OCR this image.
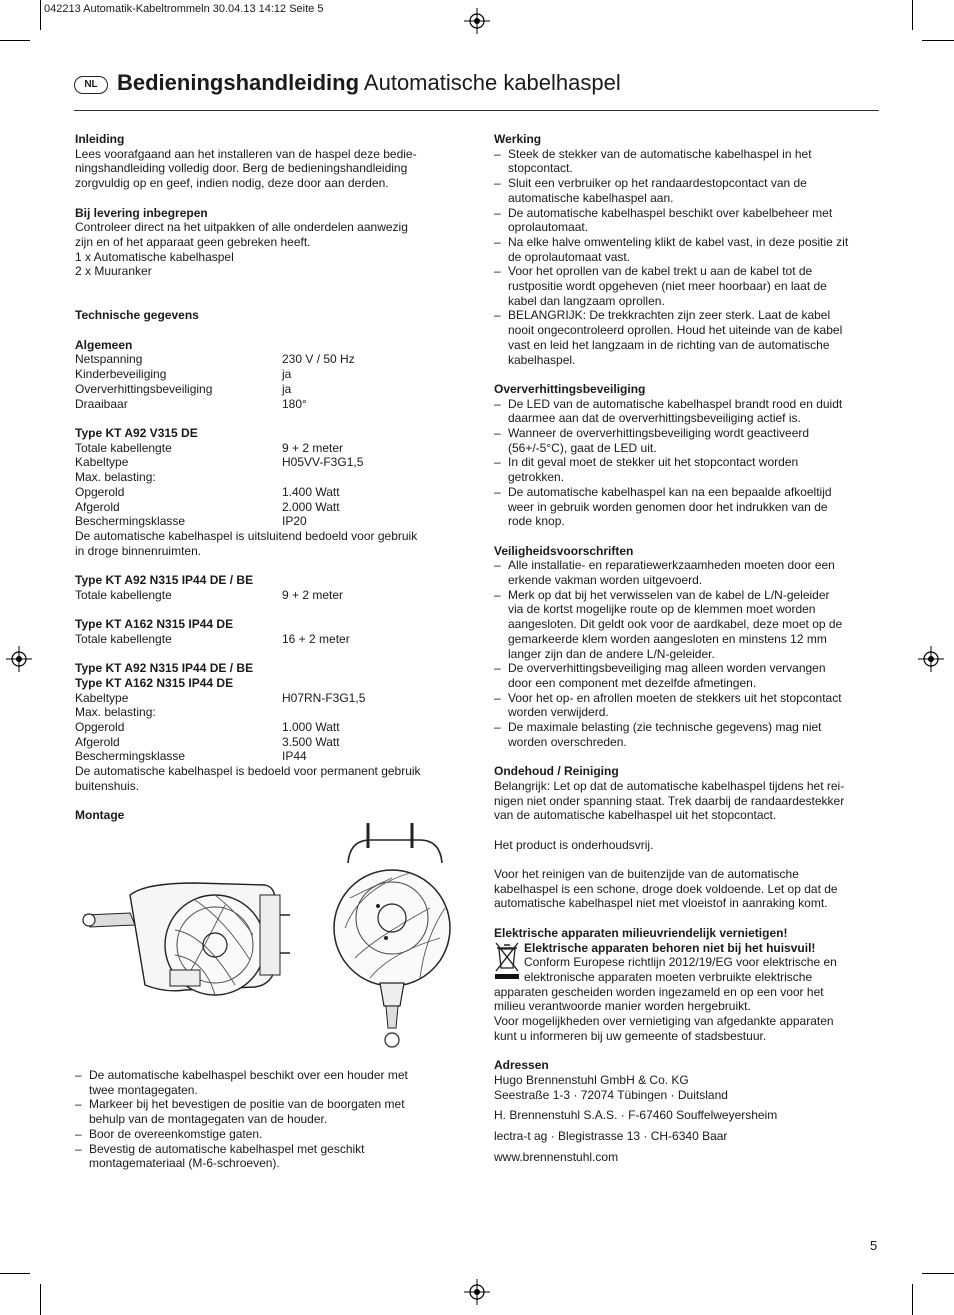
042213 Automatik-Kabeltrommeln 30.04.13 14:12 Seite 5
NL Bedieningshandleiding Automatische kabelhaspel

Inleiding

Lees voorafgaand aan het installeren van de haspel deze bedie-

ningshandleiding volledig door. Berg de bedieningshandleiding

zorgvuldig op en geef, indien nodig, deze door aan derden.

Bij levering inbegrepen

Controleer direct na het uitpakken of alle onderdelen aanwezig

zijn en of het apparaat geen gebreken heeft.

1 x Automatische kabelhaspel

2 x Muuranker

Technische gegevens

Algemeen

Netspanning	230 V / 50 Hz
Kinderbeveiliging	ja
Oververhittingsbeveiliging	ja
Draaibaar	180°

Type KT A92 V315 DE

Totale kabellengte	9 + 2 meter
Kabeltype	H05VV-F3G1,5
Max. belasting:
Opgerold	1.400 Watt
Afgerold	2.000 Watt
Beschermingsklasse	IP20

De automatische kabelhaspel is uitsluitend bedoeld voor gebruik

in droge binnenruimten.

Type KT A92 N315 IP44 DE / BE

Totale kabellengte	9 + 2 meter

Type KT A162 N315 IP44 DE

Totale kabellengte	16 + 2 meter

Type KT A92 N315 IP44 DE / BE

Type KT A162 N315 IP44 DE

Kabeltype	H07RN-F3G1,5
Max. belasting:
Opgerold	1.000 Watt
Afgerold	3.500 Watt
Beschermingsklasse	IP44

De automatische kabelhaspel is bedoeld voor permanent gebruik

buitenshuis.

Montage

– De automatische kabelhaspel beschikt over een houder met

twee montagegaten.

– Markeer bij het bevestigen de positie van de boorgaten met

behulp van de montagegaten van de houder.

– Boor de overeenkomstige gaten.

– Bevestig de automatische kabelhaspel met geschikt

montagemateriaal (M-6-schroeven).

Werking

– Steek de stekker van de automatische kabelhaspel in het

stopcontact.

– Sluit een verbruiker op het randaardestopcontact van de

automatische kabelhaspel aan.

– De automatische kabelhaspel beschikt over kabelbeheer met

oprolautomaat.

– Na elke halve omwenteling klikt de kabel vast, in deze positie zit

de oprolautomaat vast.

– Voor het oprollen van de kabel trekt u aan de kabel tot de

rustpositie wordt opgeheven (niet meer hoorbaar) en laat de

kabel dan langzaam oprollen.

– BELANGRIJK: De trekkrachten zijn zeer sterk. Laat de kabel

nooit ongecontroleerd oprollen. Houd het uiteinde van de kabel

vast en leid het langzaam in de richting van de automatische

kabelhaspel.

Oververhittingsbeveiliging

– De LED van de automatische kabelhaspel brandt rood en duidt

daarmee aan dat de oververhittingsbeveiliging actief is.

– Wanneer de oververhittingsbeveiliging wordt geactiveerd

(56+/-5°C), gaat de LED uit.

– In dit geval moet de stekker uit het stopcontact worden

getrokken.

– De automatische kabelhaspel kan na een bepaalde afkoeltijd

weer in gebruik worden genomen door het indrukken van de

rode knop.

Veiligheidsvoorschriften

– Alle installatie- en reparatiewerkzaamheden moeten door een

erkende vakman worden uitgevoerd.

– Merk op dat bij het verwisselen van de kabel de L/N-geleider

via de kortst mogelijke route op de klemmen moet worden

aangesloten. Dit geldt ook voor de aardkabel, deze moet op de

gemarkeerde klem worden aangesloten en minstens 12 mm

langer zijn dan de andere L/N-geleider.

– De oververhittingsbeveiliging mag alleen worden vervangen

door een component met dezelfde afmetingen.

– Voor het op- en afrollen moeten de stekkers uit het stopcontact

worden verwijderd.

– De maximale belasting (zie technische gegevens) mag niet

worden overschreden.

Ondehoud / Reiniging

Belangrijk: Let op dat de automatische kabelhaspel tijdens het rei-

nigen niet onder spanning staat. Trek daarbij de randaardestekker

van de automatische kabelhaspel uit het stopcontact.

Het product is onderhoudsvrij.

Voor het reinigen van de buitenzijde van de automatische

kabelhaspel is een schone, droge doek voldoende. Let op dat de

automatische kabelhaspel niet met vloeistof in aanraking komt.

Elektrische apparaten milieuvriendelijk vernietigen!

Elektrische apparaten behoren niet bij het huisvuil!

Conform Europese richtlijn 2012/19/EG voor elektrische en

elektronische apparaten moeten verbruikte elektrische

apparaten gescheiden worden ingezameld en op een voor het

milieu verantwoorde manier worden hergebruikt.

Voor mogelijkheden over vernietiging van afgedankte apparaten

kunt u informeren bij uw gemeente of stadsbestuur.

Adressen

Hugo Brennenstuhl GmbH & Co. KG

Seestraße 1-3 · 72074 Tübingen · Duitsland

H. Brennenstuhl S.A.S. · F-67460 Souffelweyersheim

lectra-t ag · Blegistrasse 13 · CH-6340 Baar

www.brennenstuhl.com

5
